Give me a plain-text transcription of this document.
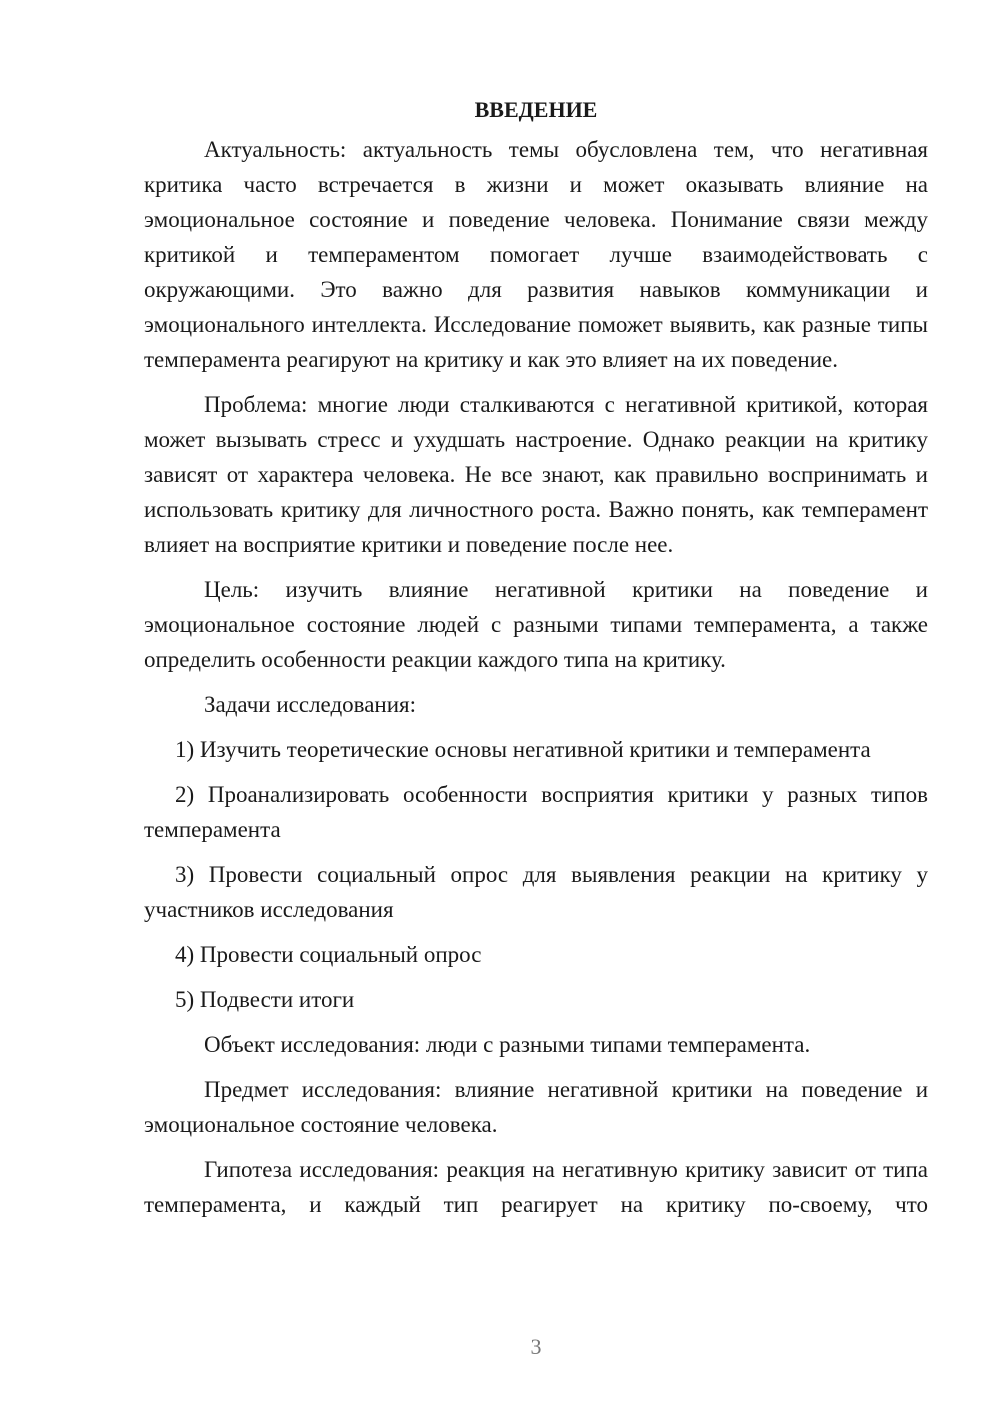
ВВЕДЕНИЕ

Актуальность: актуальность темы обусловлена тем, что негативная критика часто встречается в жизни и может оказывать влияние на эмоциональное состояние и поведение человека. Понимание связи между критикой и темпераментом помогает лучше взаимодействовать с окружающими. Это важно для развития навыков коммуникации и эмоционального интеллекта. Исследование поможет выявить, как разные типы темперамента реагируют на критику и как это влияет на их поведение.

Проблема: многие люди сталкиваются с негативной критикой, которая может вызывать стресс и ухудшать настроение. Однако реакции на критику зависят от характера человека. Не все знают, как правильно воспринимать и использовать критику для личностного роста. Важно понять, как темперамент влияет на восприятие критики и поведение после нее.

Цель: изучить влияние негативной критики на поведение и эмоциональное состояние людей с разными типами темперамента, а также определить особенности реакции каждого типа на критику.

Задачи исследования:

1) Изучить теоретические основы негативной критики и темперамента

2) Проанализировать особенности восприятия критики у разных типов темперамента

3) Провести социальный опрос для выявления реакции на критику у участников исследования

4) Провести социальный опрос

5) Подвести итоги

Объект исследования: люди с разными типами темперамента.

Предмет исследования: влияние негативной критики на поведение и эмоциональное состояние человека.

Гипотеза исследования: реакция на негативную критику зависит от типа темперамента, и каждый тип реагирует на критику по-своему, что

3
